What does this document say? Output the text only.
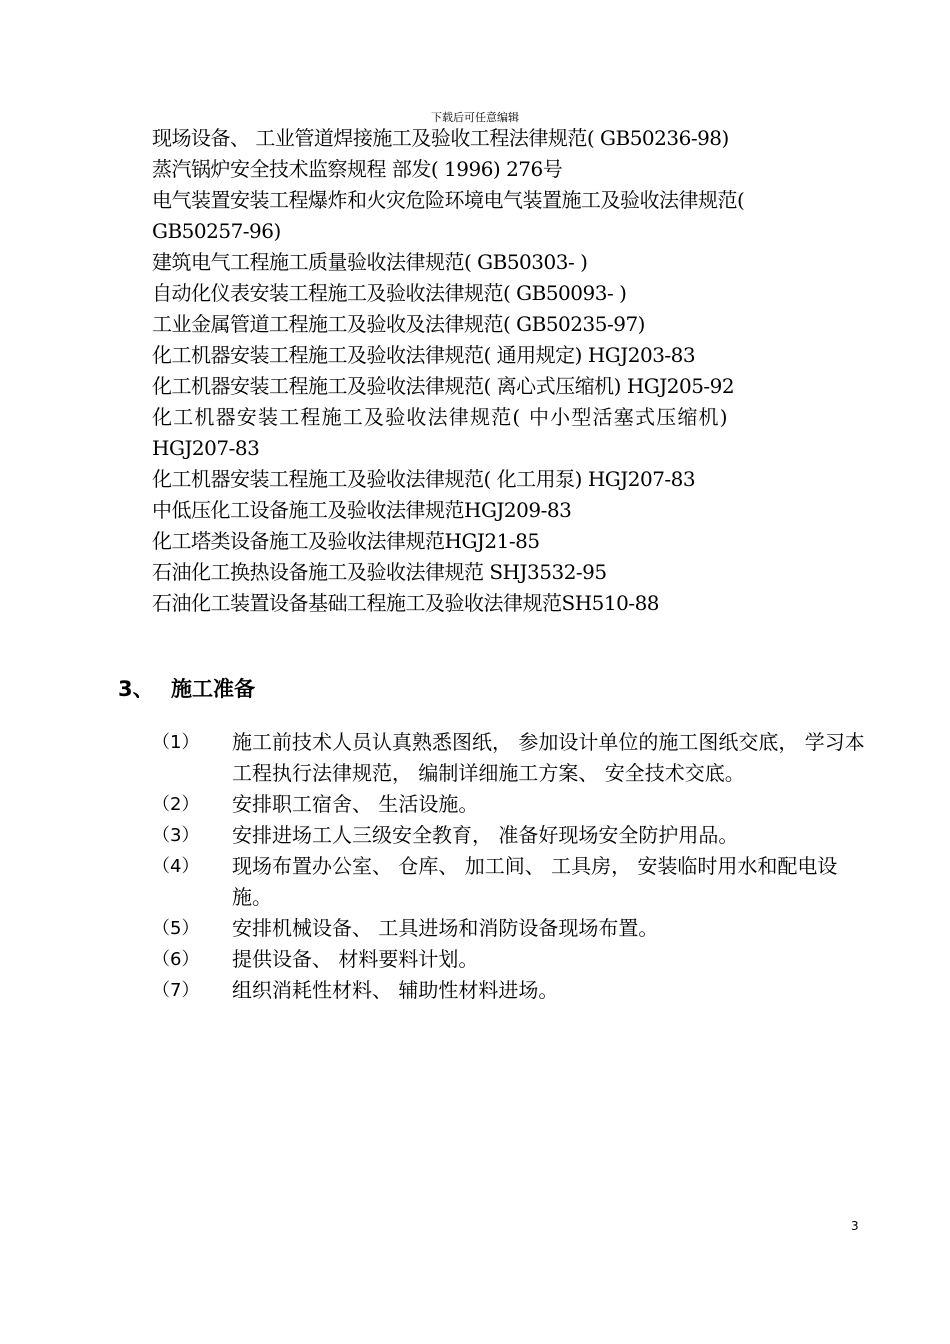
下载后可任意编辑
现场设备、 工业管道焊接施工及验收工程法律规范( GB50236-98)
蒸汽锅炉安全技术监察规程 部发( 1996) 276号
电气装置安装工程爆炸和火灾危险环境电气装置施工及验收法律规范(
GB50257-96)
建筑电气工程施工质量验收法律规范( GB50303- )
自动化仪表安装工程施工及验收法律规范( GB50093- )
工业金属管道工程施工及验收及法律规范( GB50235-97)
化工机器安装工程施工及验收法律规范( 通用规定) HGJ203-83
化工机器安装工程施工及验收法律规范( 离心式压缩机) HGJ205-92
化工机器安装工程施工及验收法律规范( 中小型活塞式压缩机)
HGJ207-83
化工机器安装工程施工及验收法律规范( 化工用泵) HGJ207-83
中低压化工设备施工及验收法律规范HGJ209-83
化工塔类设备施工及验收法律规范HGJ21-85
石油化工换热设备施工及验收法律规范 SHJ3532-95
石油化工装置设备基础工程施工及验收法律规范SH510-88
3、 施工准备
（1）	施工前技术人员认真熟悉图纸， 参加设计单位的施工图纸交底， 学习本工程执行法律规范， 编制详细施工方案、 安全技术交底。
（2）	安排职工宿舍、 生活设施。
（3）	安排进场工人三级安全教育， 准备好现场安全防护用品。
（4）	现场布置办公室、 仓库、 加工间、 工具房， 安装临时用水和配电设施。
（5）	安排机械设备、 工具进场和消防设备现场布置。
（6）	提供设备、 材料要料计划。
（7）	组织消耗性材料、 辅助性材料进场。
3
